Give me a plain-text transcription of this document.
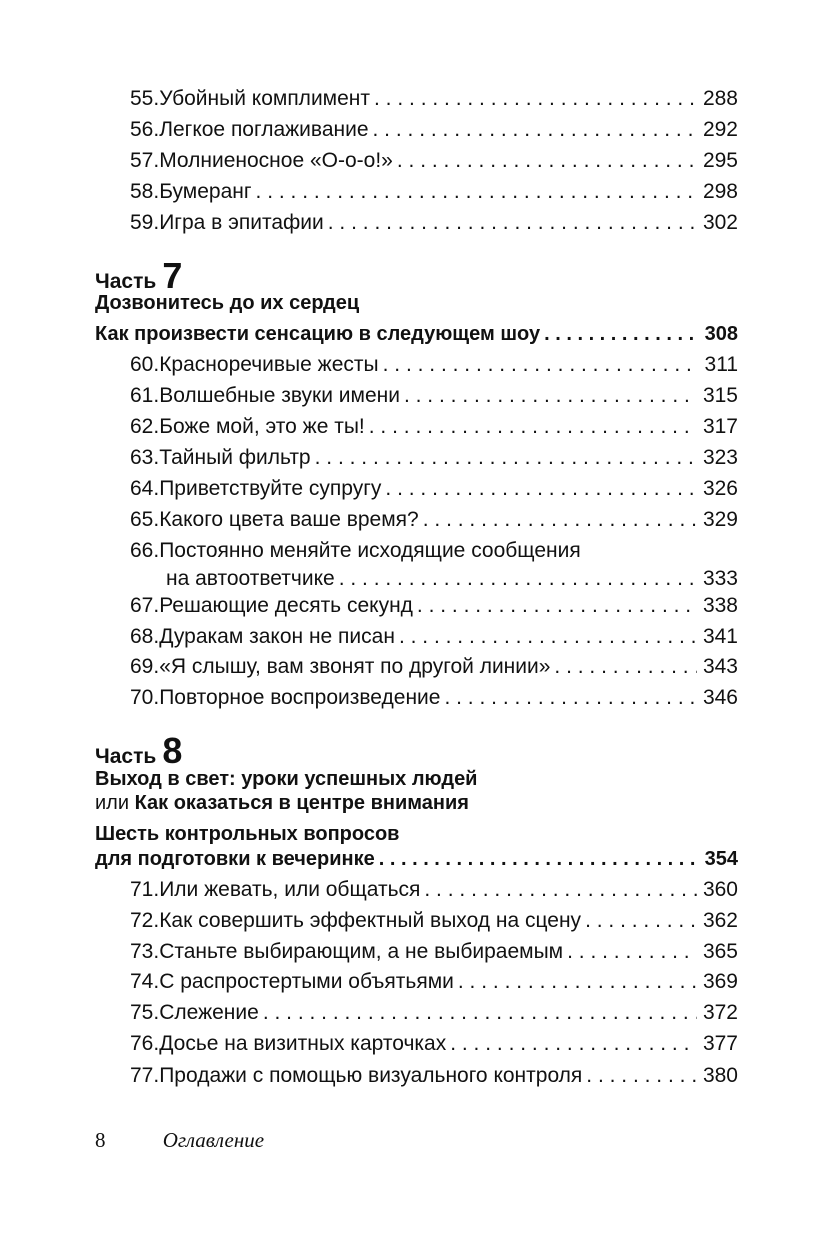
55. Убойный комплимент . . .	288
56. Легкое поглаживание . . .	292
57. Молниеносное «О-о-о!» . . .	295
58. Бумеранг . . .	298
59. Игра в эпитафии . . .	302
Часть 7
Дозвонитесь до их сердец
Как произвести сенсацию в следующем шоу . . .	308
60. Красноречивые жесты . . .	311
61. Волшебные звуки имени . . .	315
62. Боже мой, это же ты! . . .	317
63. Тайный фильтр . . .	323
64. Приветствуйте супругу . . .	326
65. Какого цвета ваше время? . . .	329
66.Постоянно меняйте исходящие сообщения
на автоответчике . . .	333
67. Решающие десять секунд . . .	338
68. Дуракам закон не писан . . .	341
69. «Я слышу, вам звонят по другой линии» . . .	343
70. Повторное воспроизведение . . .	346
Часть 8
Выход в свет: уроки успешных людей
или Как оказаться в центре внимания
Шесть контрольных вопросов
для подготовки к вечеринке . . .	354
71. Или жевать, или общаться . . .	360
72. Как совершить эффектный выход на сцену . . .	362
73. Станьте выбирающим, а не выбираемым . . .	365
74. С распростертыми объятьями . . .	369
75. Слежение . . .	372
76. Досье на визитных карточках . . .	377
77. Продажи с помощью визуального контроля . . .	380
8	Оглавление
